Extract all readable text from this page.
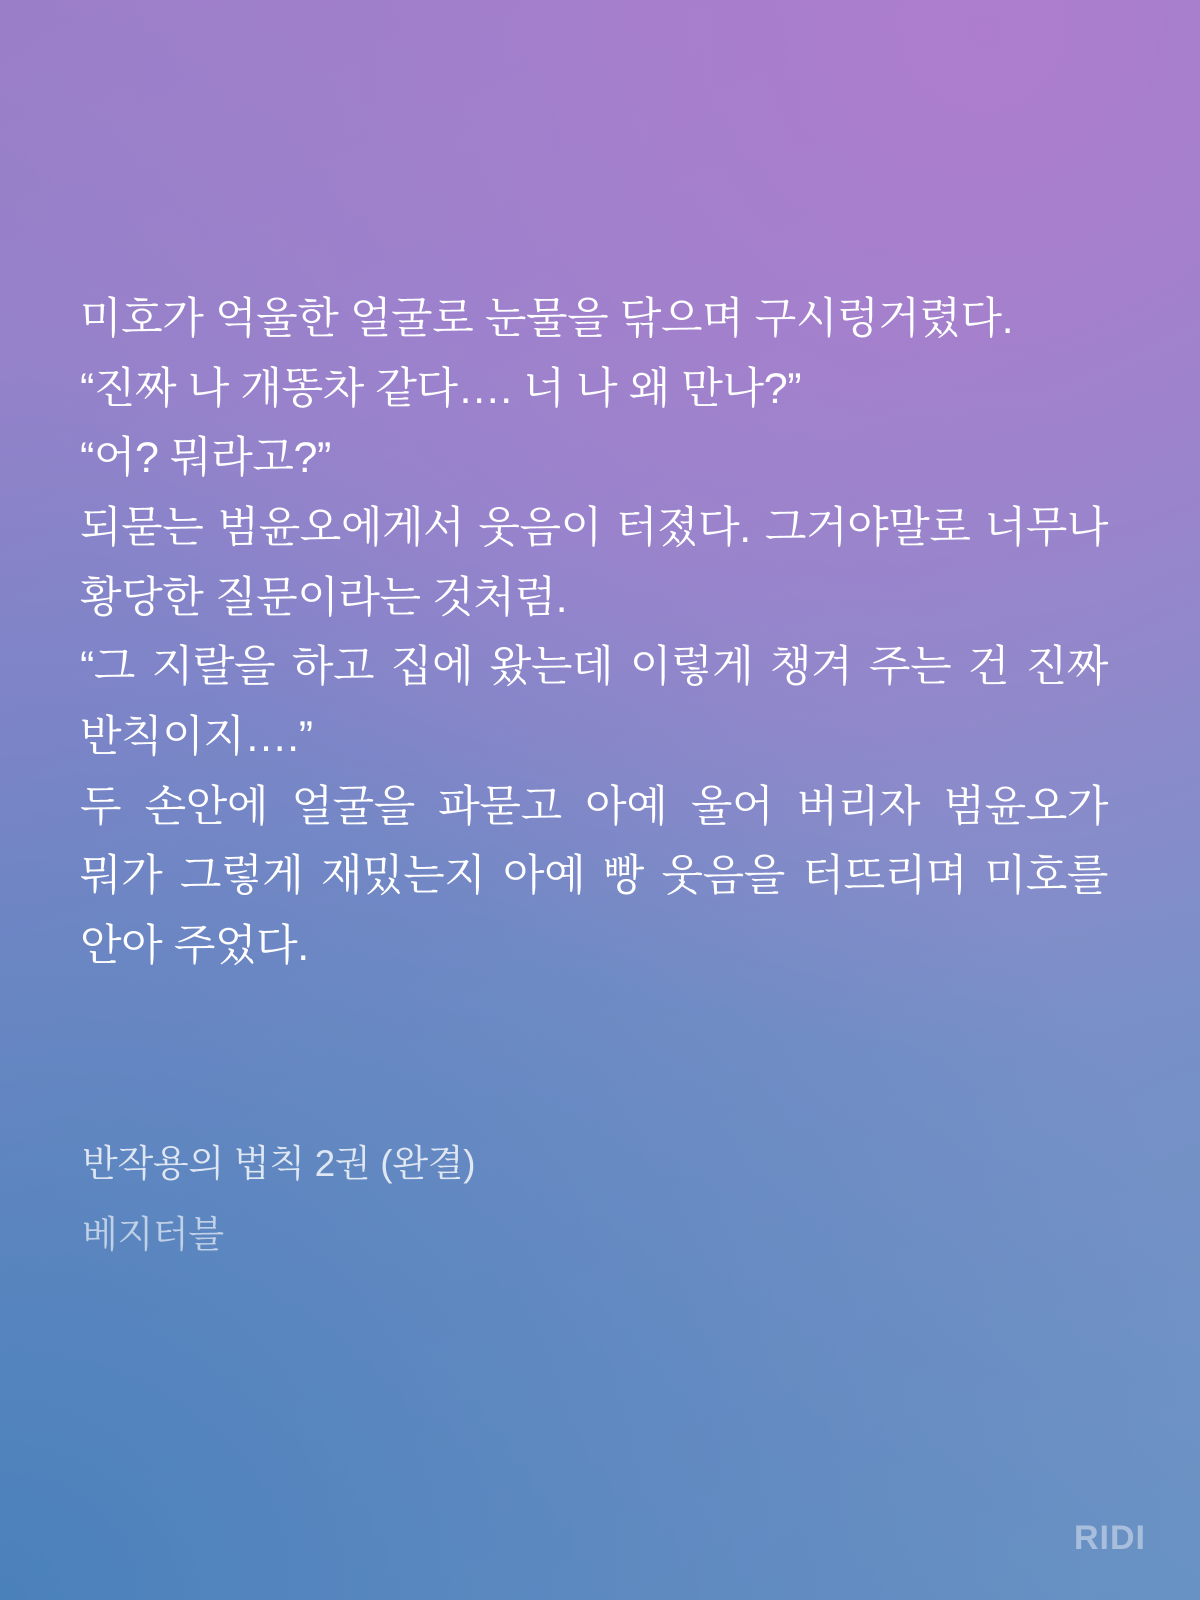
미호가 억울한 얼굴로 눈물을 닦으며 구시렁거렸다.

“진짜 나 개똥차 같다…. 너 나 왜 만나?”

“어? 뭐라고?”

되묻는 범윤오에게서 웃음이 터졌다. 그거야말로 너무나 황당한 질문이라는 것처럼.

“그 지랄을 하고 집에 왔는데 이렇게 챙겨 주는 건 진짜 반칙이지….”

두 손안에 얼굴을 파묻고 아예 울어 버리자 범윤오가 뭐가 그렇게 재밌는지 아예 빵 웃음을 터뜨리며 미호를 안아 주었다.

반작용의 법칙 2권 (완결)

베지터블

RIDI
